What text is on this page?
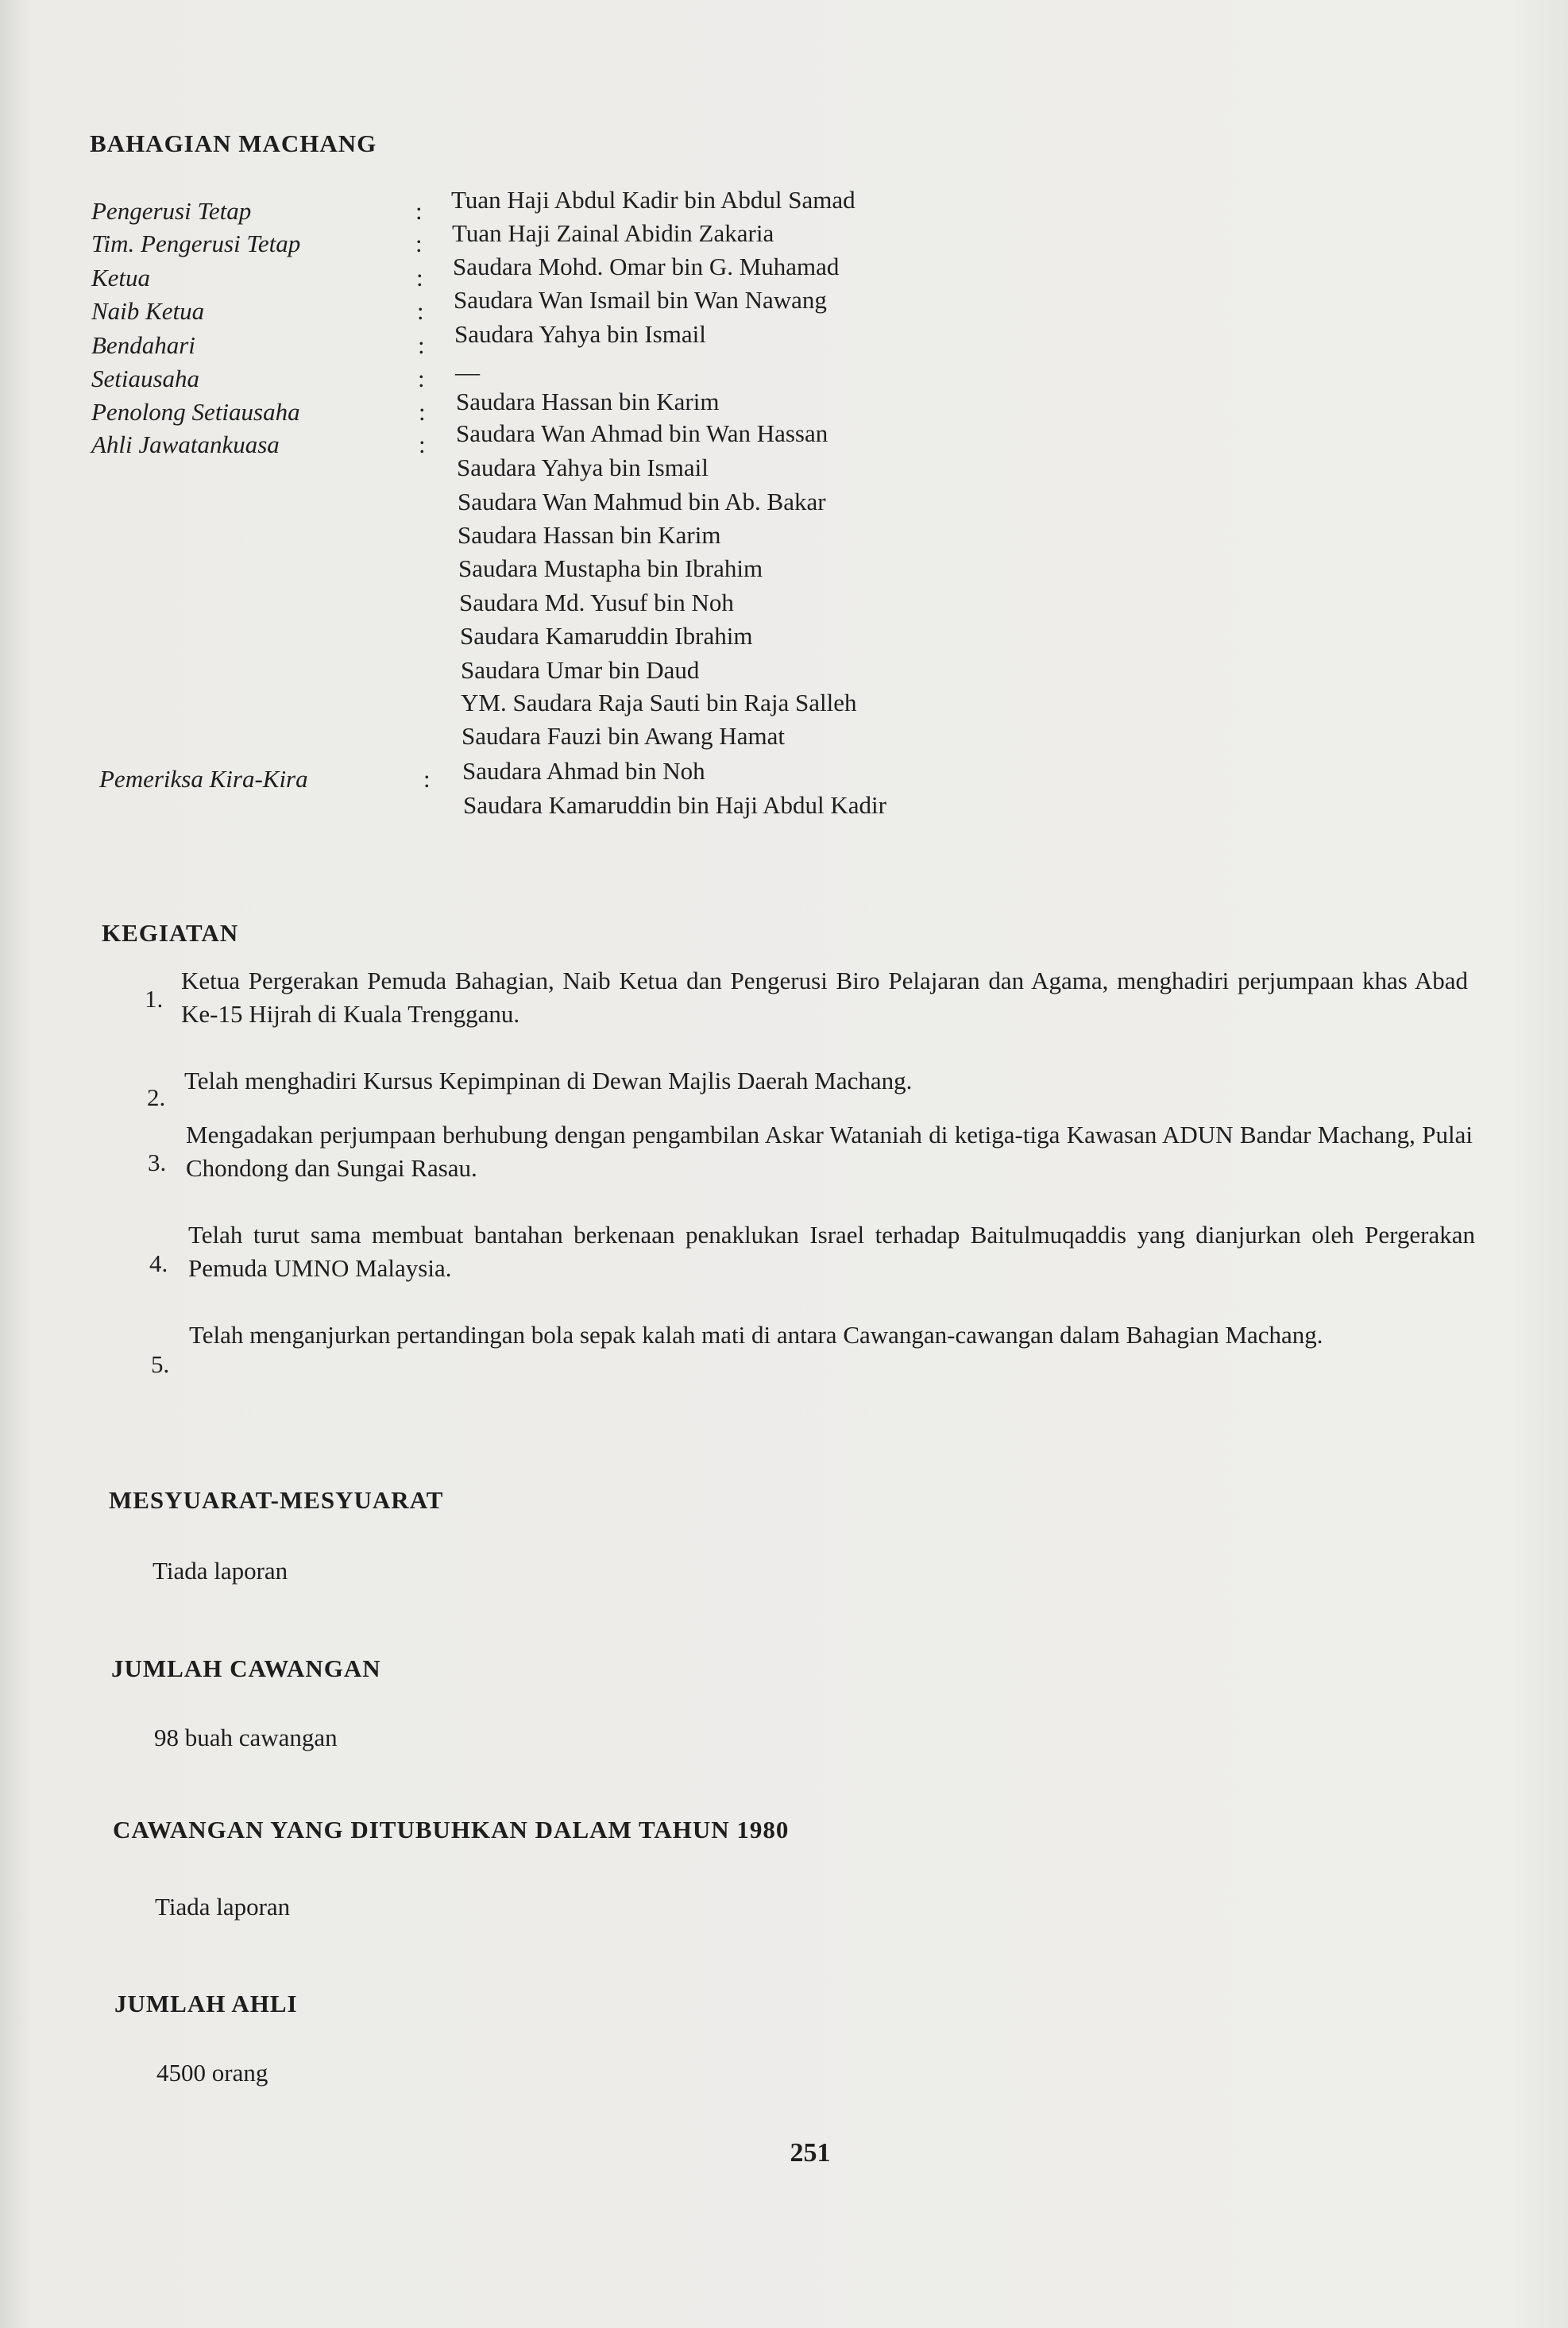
BAHAGIAN MACHANG
Pengerusi Tetap
Tim. Pengerusi Tetap
Ketua
Naib Ketua
Bendahari
Setiausaha
Penolong Setiausaha
Ahli Jawatankuasa
Pemeriksa Kira-Kira
:
:
:
:
:
:
:
:
:
Tuan Haji Abdul Kadir bin Abdul Samad
Tuan Haji Zainal Abidin Zakaria
Saudara Mohd. Omar bin G. Muhamad
Saudara Wan Ismail bin Wan Nawang
Saudara Yahya bin Ismail
—
Saudara Hassan bin Karim
Saudara Wan Ahmad bin Wan Hassan
Saudara Yahya bin Ismail
Saudara Wan Mahmud bin Ab. Bakar
Saudara Hassan bin Karim
Saudara Mustapha bin Ibrahim
Saudara Md. Yusuf bin Noh
Saudara Kamaruddin Ibrahim
Saudara Umar bin Daud
YM. Saudara Raja Sauti bin Raja Salleh
Saudara Fauzi bin Awang Hamat
Saudara Ahmad bin Noh
Saudara Kamaruddin bin Haji Abdul Kadir
KEGIATAN
1.
Ketua Pergerakan Pemuda Bahagian, Naib Ketua dan Pengerusi Biro Pelajaran dan Agama, menghadiri perjumpaan khas Abad Ke-15 Hijrah di Kuala Trengganu.
2.
Telah menghadiri Kursus Kepimpinan di Dewan Majlis Daerah Machang.
3.
Mengadakan perjumpaan berhubung dengan pengambilan Askar Wataniah di ketiga-tiga Kawasan ADUN Bandar Machang, Pulai Chondong dan Sungai Rasau.
4.
Telah turut sama membuat bantahan berkenaan penaklukan Israel terhadap Baitulmuqaddis yang dianjurkan oleh Pergerakan Pemuda UMNO Malaysia.
5.
Telah menganjurkan pertandingan bola sepak kalah mati di antara Cawangan-cawangan dalam Bahagian Machang.
MESYUARAT-MESYUARAT
Tiada laporan
JUMLAH CAWANGAN
98 buah cawangan
CAWANGAN YANG DITUBUHKAN DALAM TAHUN 1980
Tiada laporan
JUMLAH AHLI
4500 orang
251
